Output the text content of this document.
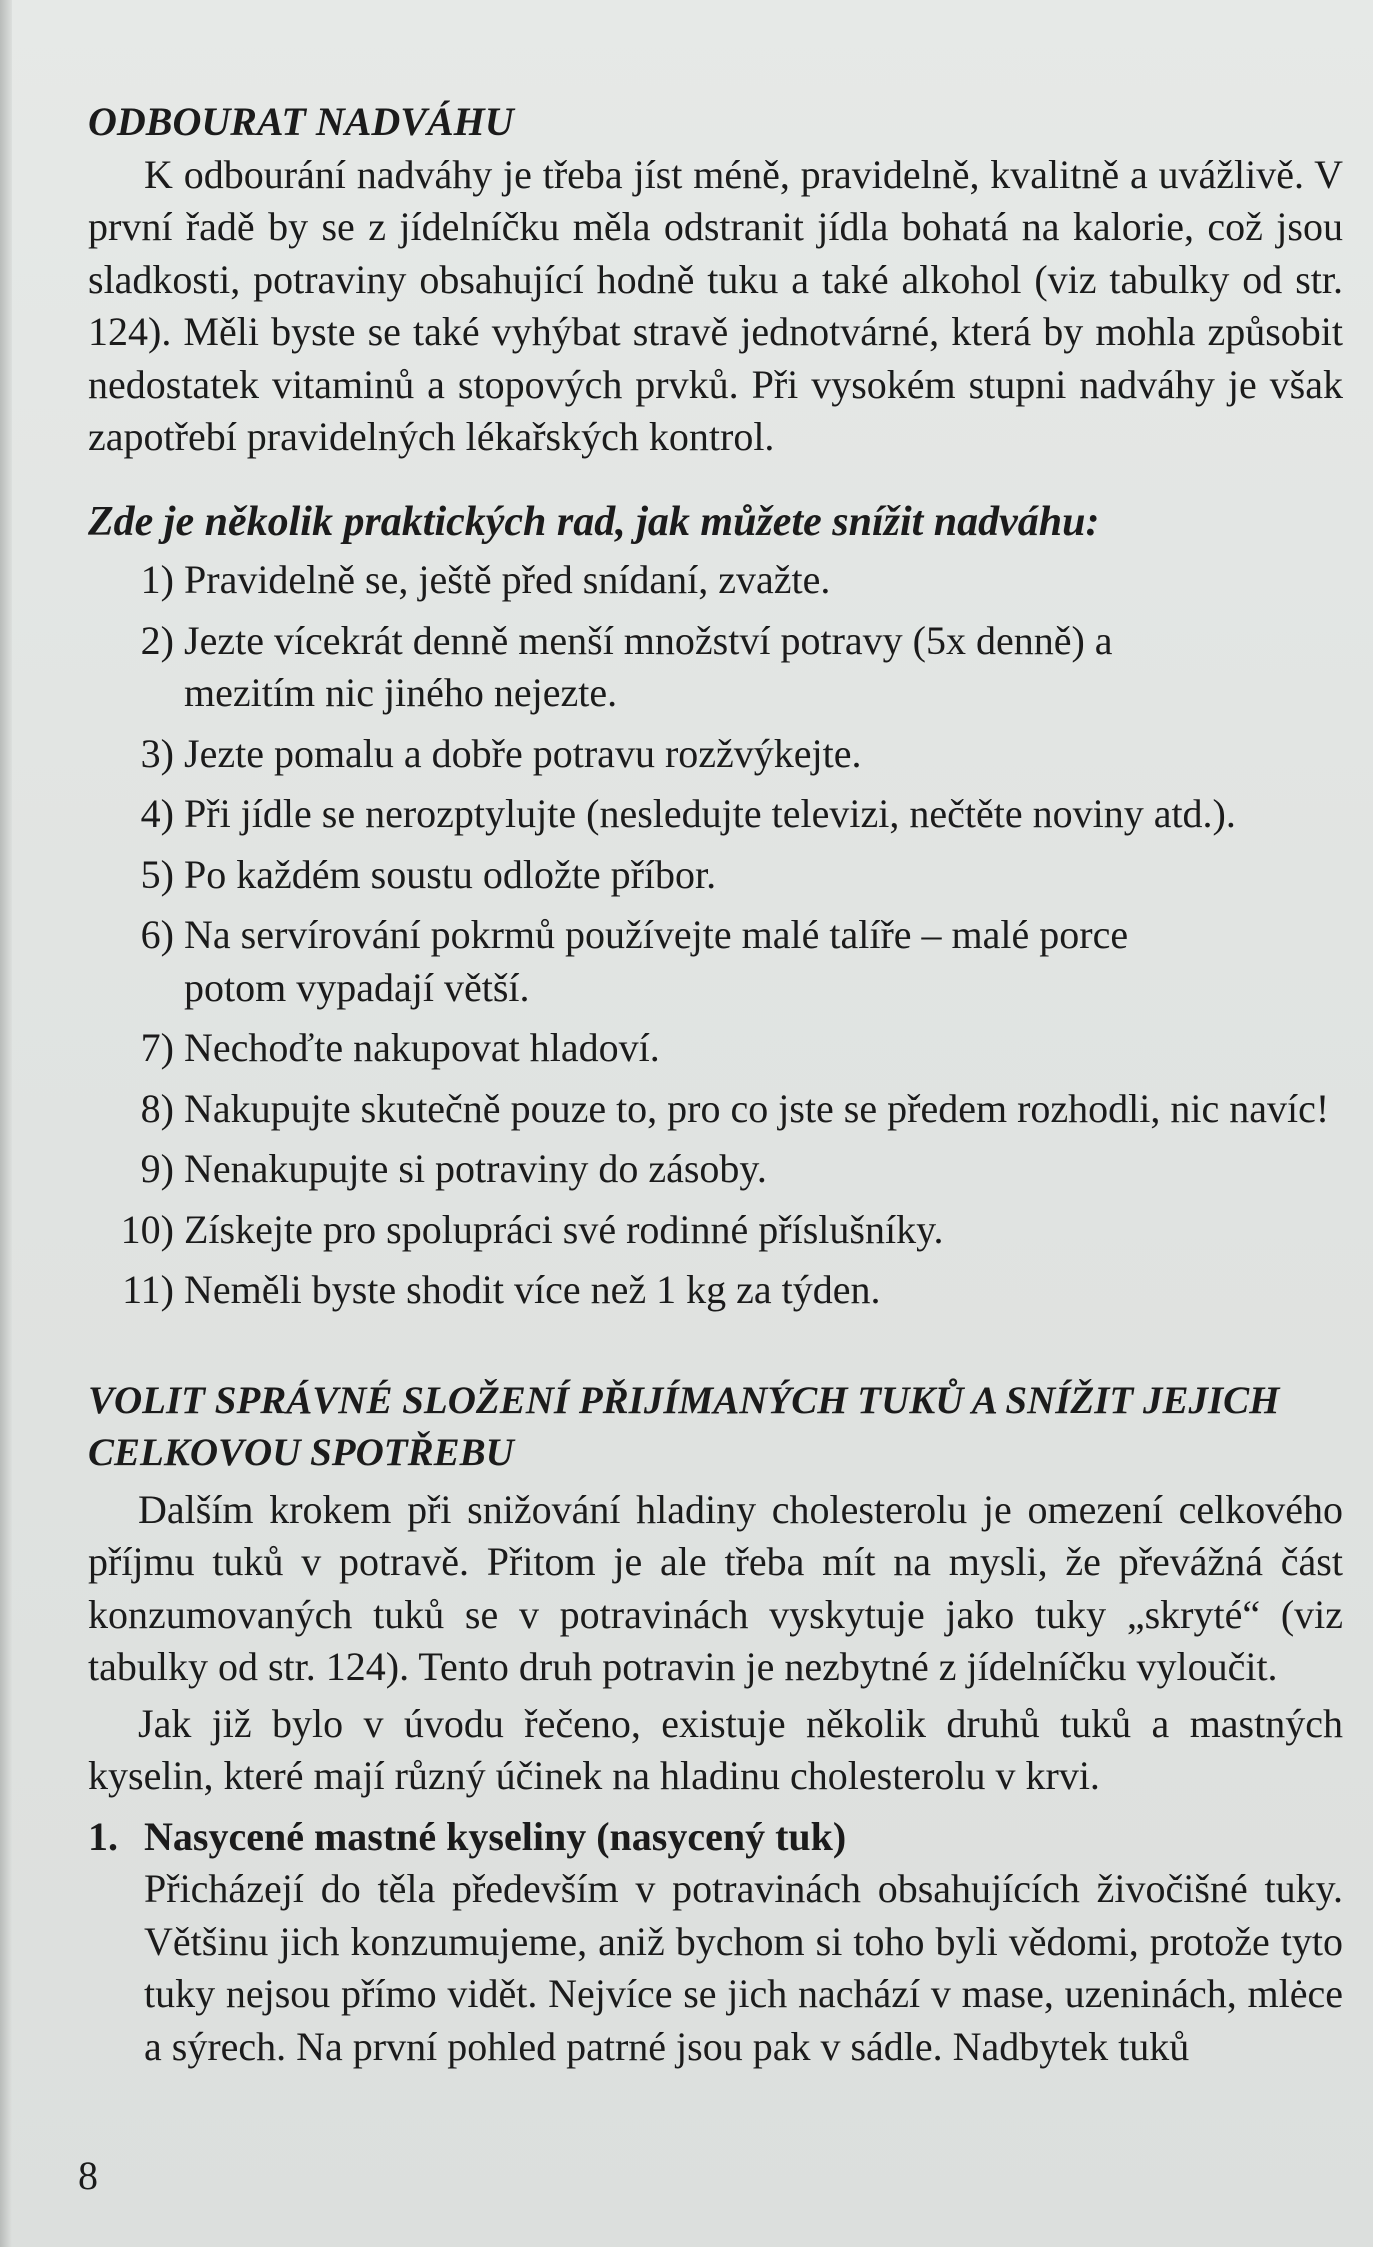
ODBOURAT NADVÁHU

K odbourání nadváhy je třeba jíst méně, pravidelně, kvalitně a uvážlivě. V první řadě by se z jídelníčku měla odstranit jídla bohatá na kalorie, což jsou sladkosti, potraviny obsahující hodně tuku a také alkohol (viz tabulky od str. 124). Měli byste se také vyhýbat stravě jednotvárné, která by mohla způsobit nedostatek vitaminů a stopových prvků. Při vysokém stupni nadváhy je však zapotřebí pravidelných lékařských kontrol.

Zde je několik praktických rad, jak můžete snížit nadváhu:
1) Pravidelně se, ještě před snídaní, zvažte.
2) Jezte vícekrát denně menší množství potravy (5x denně) a mezitím nic jiného nejezte.
3) Jezte pomalu a dobře potravu rozžvýkejte.
4) Při jídle se nerozptylujte (nesledujte televizi, nečtěte noviny atd.).
5) Po každém soustu odložte příbor.
6) Na servírování pokrmů používejte malé talíře – malé porce potom vypadají větší.
7) Nechoďte nakupovat hladoví.
8) Nakupujte skutečně pouze to, pro co jste se předem rozhodli, nic navíc!
9) Nenakupujte si potraviny do zásoby.
10) Získejte pro spolupráci své rodinné příslušníky.
11) Neměli byste shodit více než 1 kg za týden.
VOLIT SPRÁVNÉ SLOŽENÍ PŘIJÍMANÝCH TUKŮ A SNÍŽIT JEJICH CELKOVOU SPOTŘEBU

Dalším krokem při snižování hladiny cholesterolu je omezení celkového příjmu tuků v potravě. Přitom je ale třeba mít na mysli, že převážná část konzumovaných tuků se v potravinách vyskytuje jako tuky „skryté“ (viz tabulky od str. 124). Tento druh potravin je nezbytné z jídelníčku vyloučit.

Jak již bylo v úvodu řečeno, existuje několik druhů tuků a mastných kyselin, které mají různý účinek na hladinu cholesterolu v krvi.

1. Nasycené mastné kyseliny (nasycený tuk)
Přicházejí do těla především v potravinách obsahujících živočišné tuky. Většinu jich konzumujeme, aniž bychom si toho byli vědomi, protože tyto tuky nejsou přímo vidět. Nejvíce se jich nachází v mase, uzeninách, mlėce a sýrech. Na první pohled patrné jsou pak v sádle. Nadbytek tuků
8
